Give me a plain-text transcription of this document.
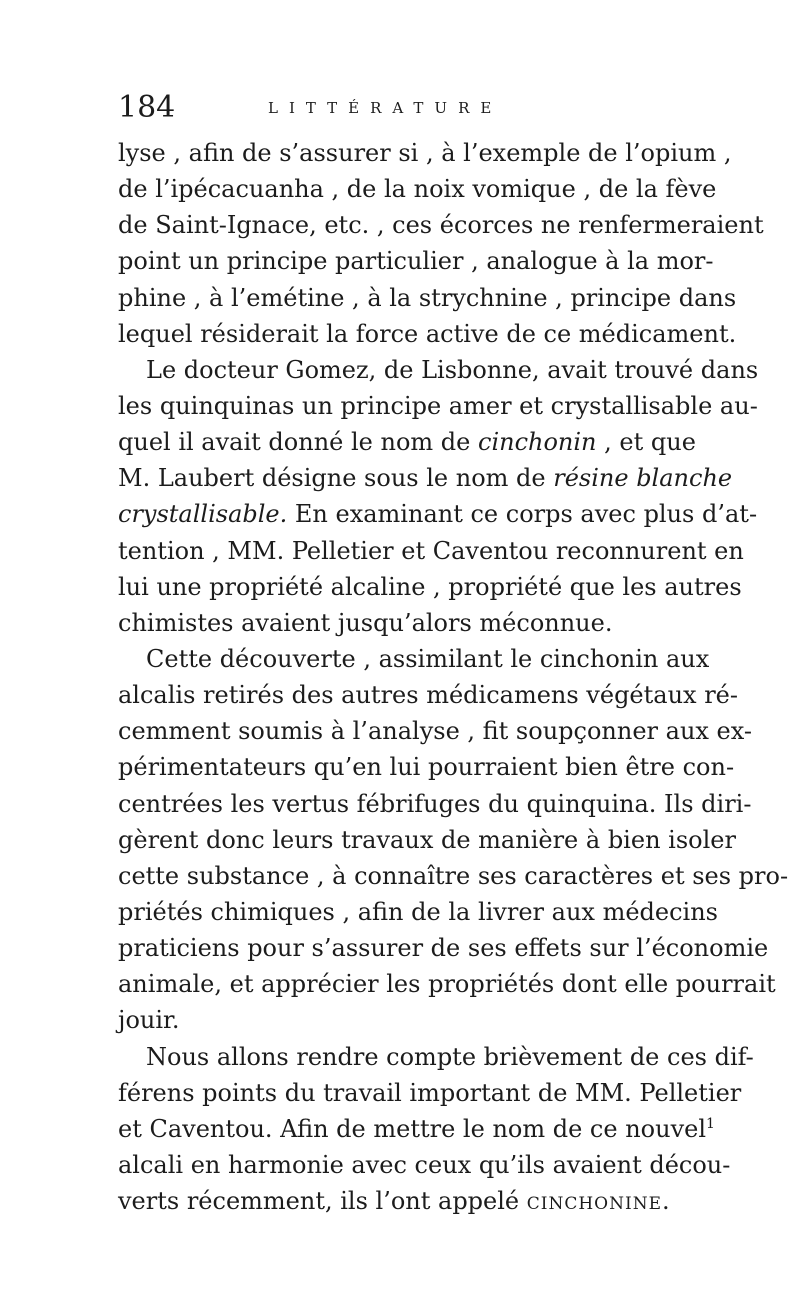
184	LITTÉRATURE
lyse , afin de s’assurer si , à l’exemple de l’opium ,
de l’ipécacuanha , de la noix vomique , de la fève
de Saint-Ignace, etc. , ces écorces ne renfermeraient
point un principe particulier , analogue à la mor-
phine , à l’emétine , à la strychnine , principe dans
lequel résiderait la force active de ce médicament.
Le docteur Gomez, de Lisbonne, avait trouvé dans
les quinquinas un principe amer et crystallisable au-
quel il avait donné le nom de cinchonin , et que
M. Laubert désigne sous le nom de résine blanche
crystallisable. En examinant ce corps avec plus d’at-
tention , MM. Pelletier et Caventou reconnurent en
lui une propriété alcaline , propriété que les autres
chimistes avaient jusqu’alors méconnue.
Cette découverte , assimilant le cinchonin aux
alcalis retirés des autres médicamens végétaux ré-
cemment soumis à l’analyse , fit soupçonner aux ex-
périmentateurs qu’en lui pourraient bien être con-
centrées les vertus fébrifuges du quinquina. Ils diri-
gèrent donc leurs travaux de manière à bien isoler
cette substance , à connaître ses caractères et ses pro-
priétés chimiques , afin de la livrer aux médecins
praticiens pour s’assurer de ses effets sur l’économie
animale, et apprécier les propriétés dont elle pourrait
jouir.
Nous allons rendre compte brièvement de ces dif-
férens points du travail important de MM. Pelletier
et Caventou. Afin de mettre le nom de ce nouvel$^1$
alcali en harmonie avec ceux qu’ils avaient décou-
verts récemment, ils l’ont appelé cinchonine.
